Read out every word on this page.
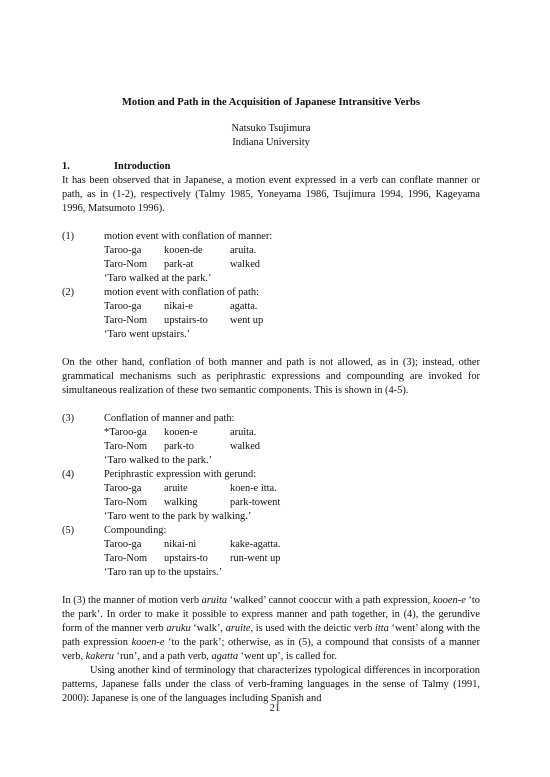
Motion and Path in the Acquisition of Japanese Intransitive Verbs

Natsuko Tsujimura

Indiana University

1.	Introduction

It has been observed that in Japanese, a motion event expressed in a verb can conflate manner or path, as in (1-2), respectively (Talmy 1985, Yoneyama 1986, Tsujimura 1994, 1996, Kageyama 1996, Matsumoto 1996).

(1)	motion event with conflation of manner:
Taroo-ga	kooen-de	aruita.
Taro-Nom	park-at	walked
‘Taro walked at the park.’
(2)	motion event with conflation of path:
Taroo-ga	nikai-e	agatta.
Taro-Nom	upstairs-to	went up
‘Taro went upstairs.’

On the other hand, conflation of both manner and path is not allowed, as in (3); instead, other grammatical mechanisms such as periphrastic expressions and compounding are invoked for simultaneous realization of these two semantic components. This is shown in (4-5).

(3)	Conflation of manner and path:
*Taroo-ga	kooen-e	aruita.
Taro-Nom	park-to	walked
‘Taro walked to the park.’
(4)	Periphrastic expression with gerund:
Taroo-ga	aruite	koen-e itta.
Taro-Nom	walking	park-towent
‘Taro went to the park by walking.’
(5)	Compounding:
Taroo-ga	nikai-ni	kake-agatta.
Taro-Nom	upstairs-to	run-went up
‘Taro ran up to the upstairs.’

In (3) the manner of motion verb aruita ‘walked’ cannot cooccur with a path expression, kooen-e ‘to the park’. In order to make it possible to express manner and path together, in (4), the gerundive form of the manner verb aruku ‘walk’, aruite, is used with the deictic verb itta ‘went’ along with the path expression kooen-e ‘to the park’; otherwise, as in (5), a compound that consists of a manner verb, kakeru ‘run’, and a path verb, agatta ‘went up’, is called for.

Using another kind of terminology that characterizes typological differences in incorporation patterns, Japanese falls under the class of verb-framing languages in the sense of Talmy (1991, 2000): Japanese is one of the languages including Spanish and

21
